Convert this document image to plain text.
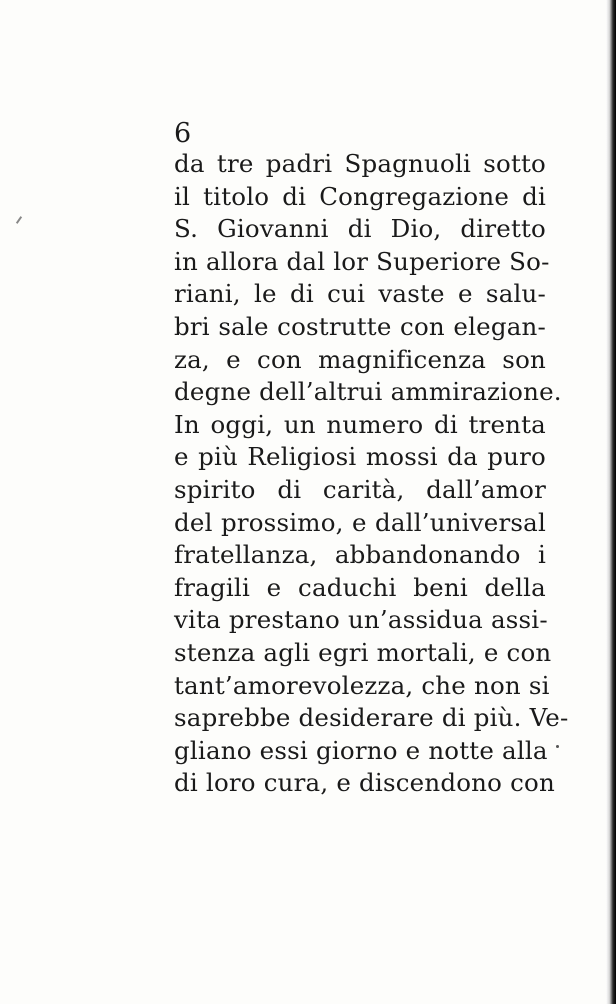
6
da tre padri Spagnuoli sotto
il titolo di Congregazione di
S. Giovanni di Dio, diretto
in allora dal lor Superiore So-
riani, le di cui vaste e salu-
bri sale costrutte con elegan-
za, e con magnificenza son
degne dell’altrui ammirazione.
In oggi, un numero di trenta
e più Religiosi mossi da puro
spirito di carità, dall’amor
del prossimo, e dall’universal
fratellanza, abbandonando i
fragili e caduchi beni della
vita prestano un’assidua assi-
stenza agli egri mortali, e con
tant’amorevolezza, che non si
saprebbe desiderare di più. Ve-
gliano essi giorno e notte alla
di loro cura, e discendono con
